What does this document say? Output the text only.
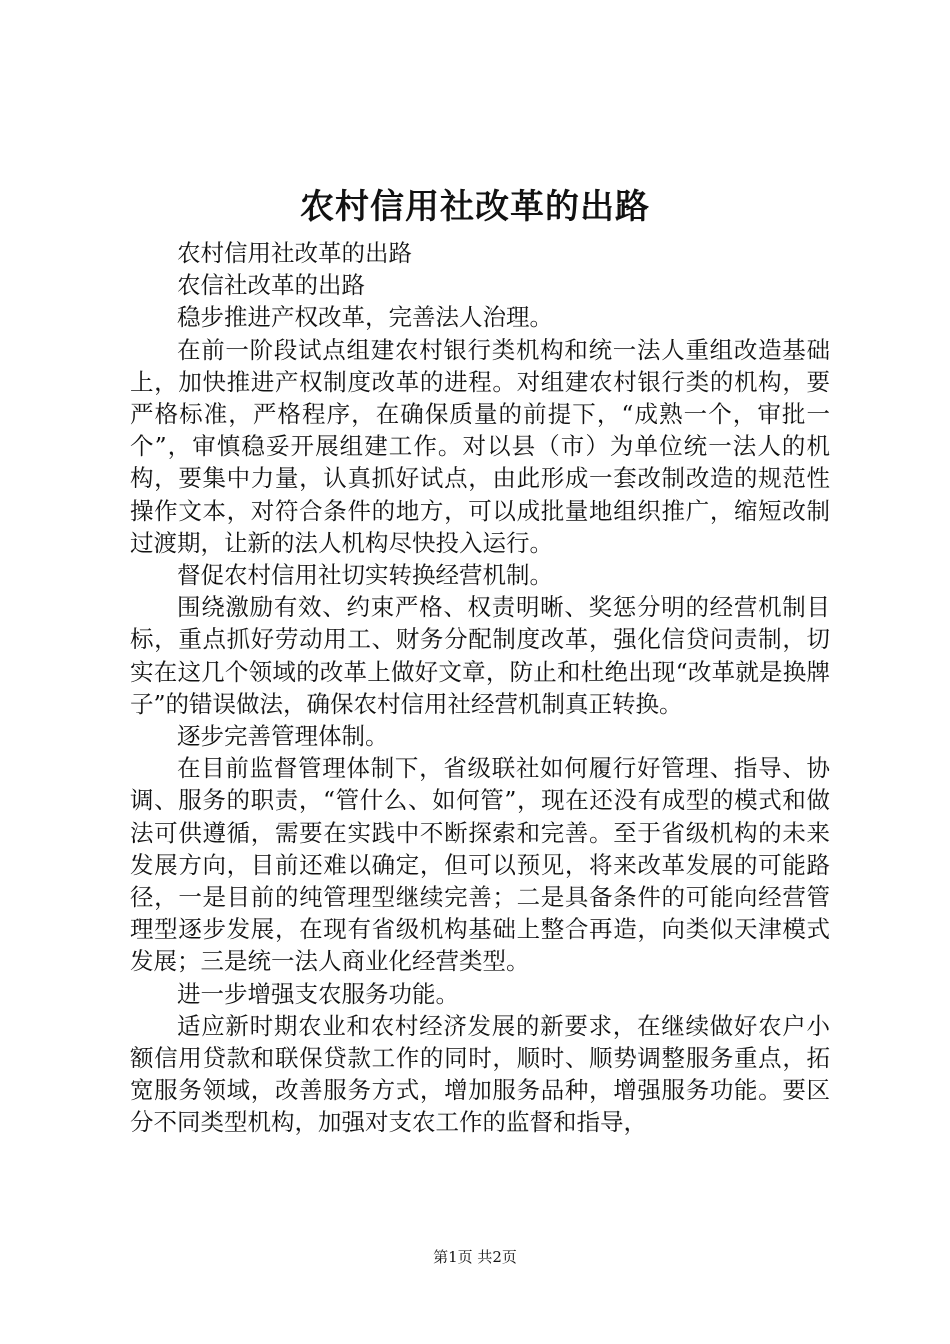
农村信用社改革的出路

农村信用社改革的出路

农信社改革的出路

稳步推进产权改革，完善法人治理。

在前一阶段试点组建农村银行类机构和统一法人重组改造基础上，加快推进产权制度改革的进程。对组建农村银行类的机构，要严格标准，严格程序，在确保质量的前提下，“成熟一个，审批一个”，审慎稳妥开展组建工作。对以县（市）为单位统一法人的机构，要集中力量，认真抓好试点，由此形成一套改制改造的规范性操作文本，对符合条件的地方，可以成批量地组织推广，缩短改制过渡期，让新的法人机构尽快投入运行。

督促农村信用社切实转换经营机制。

围绕激励有效、约束严格、权责明晰、奖惩分明的经营机制目标，重点抓好劳动用工、财务分配制度改革，强化信贷问责制，切实在这几个领域的改革上做好文章，防止和杜绝出现“改革就是换牌子”的错误做法，确保农村信用社经营机制真正转换。

逐步完善管理体制。

在目前监督管理体制下，省级联社如何履行好管理、指导、协调、服务的职责，“管什么、如何管”，现在还没有成型的模式和做法可供遵循，需要在实践中不断探索和完善。至于省级机构的未来发展方向，目前还难以确定，但可以预见，将来改革发展的可能路径，一是目前的纯管理型继续完善；二是具备条件的可能向经营管理型逐步发展，在现有省级机构基础上整合再造，向类似天津模式发展；三是统一法人商业化经营类型。

进一步增强支农服务功能。

适应新时期农业和农村经济发展的新要求，在继续做好农户小额信用贷款和联保贷款工作的同时，顺时、顺势调整服务重点，拓宽服务领域，改善服务方式，增加服务品种，增强服务功能。要区分不同类型机构，加强对支农工作的监督和指导，

第1页 共2页
